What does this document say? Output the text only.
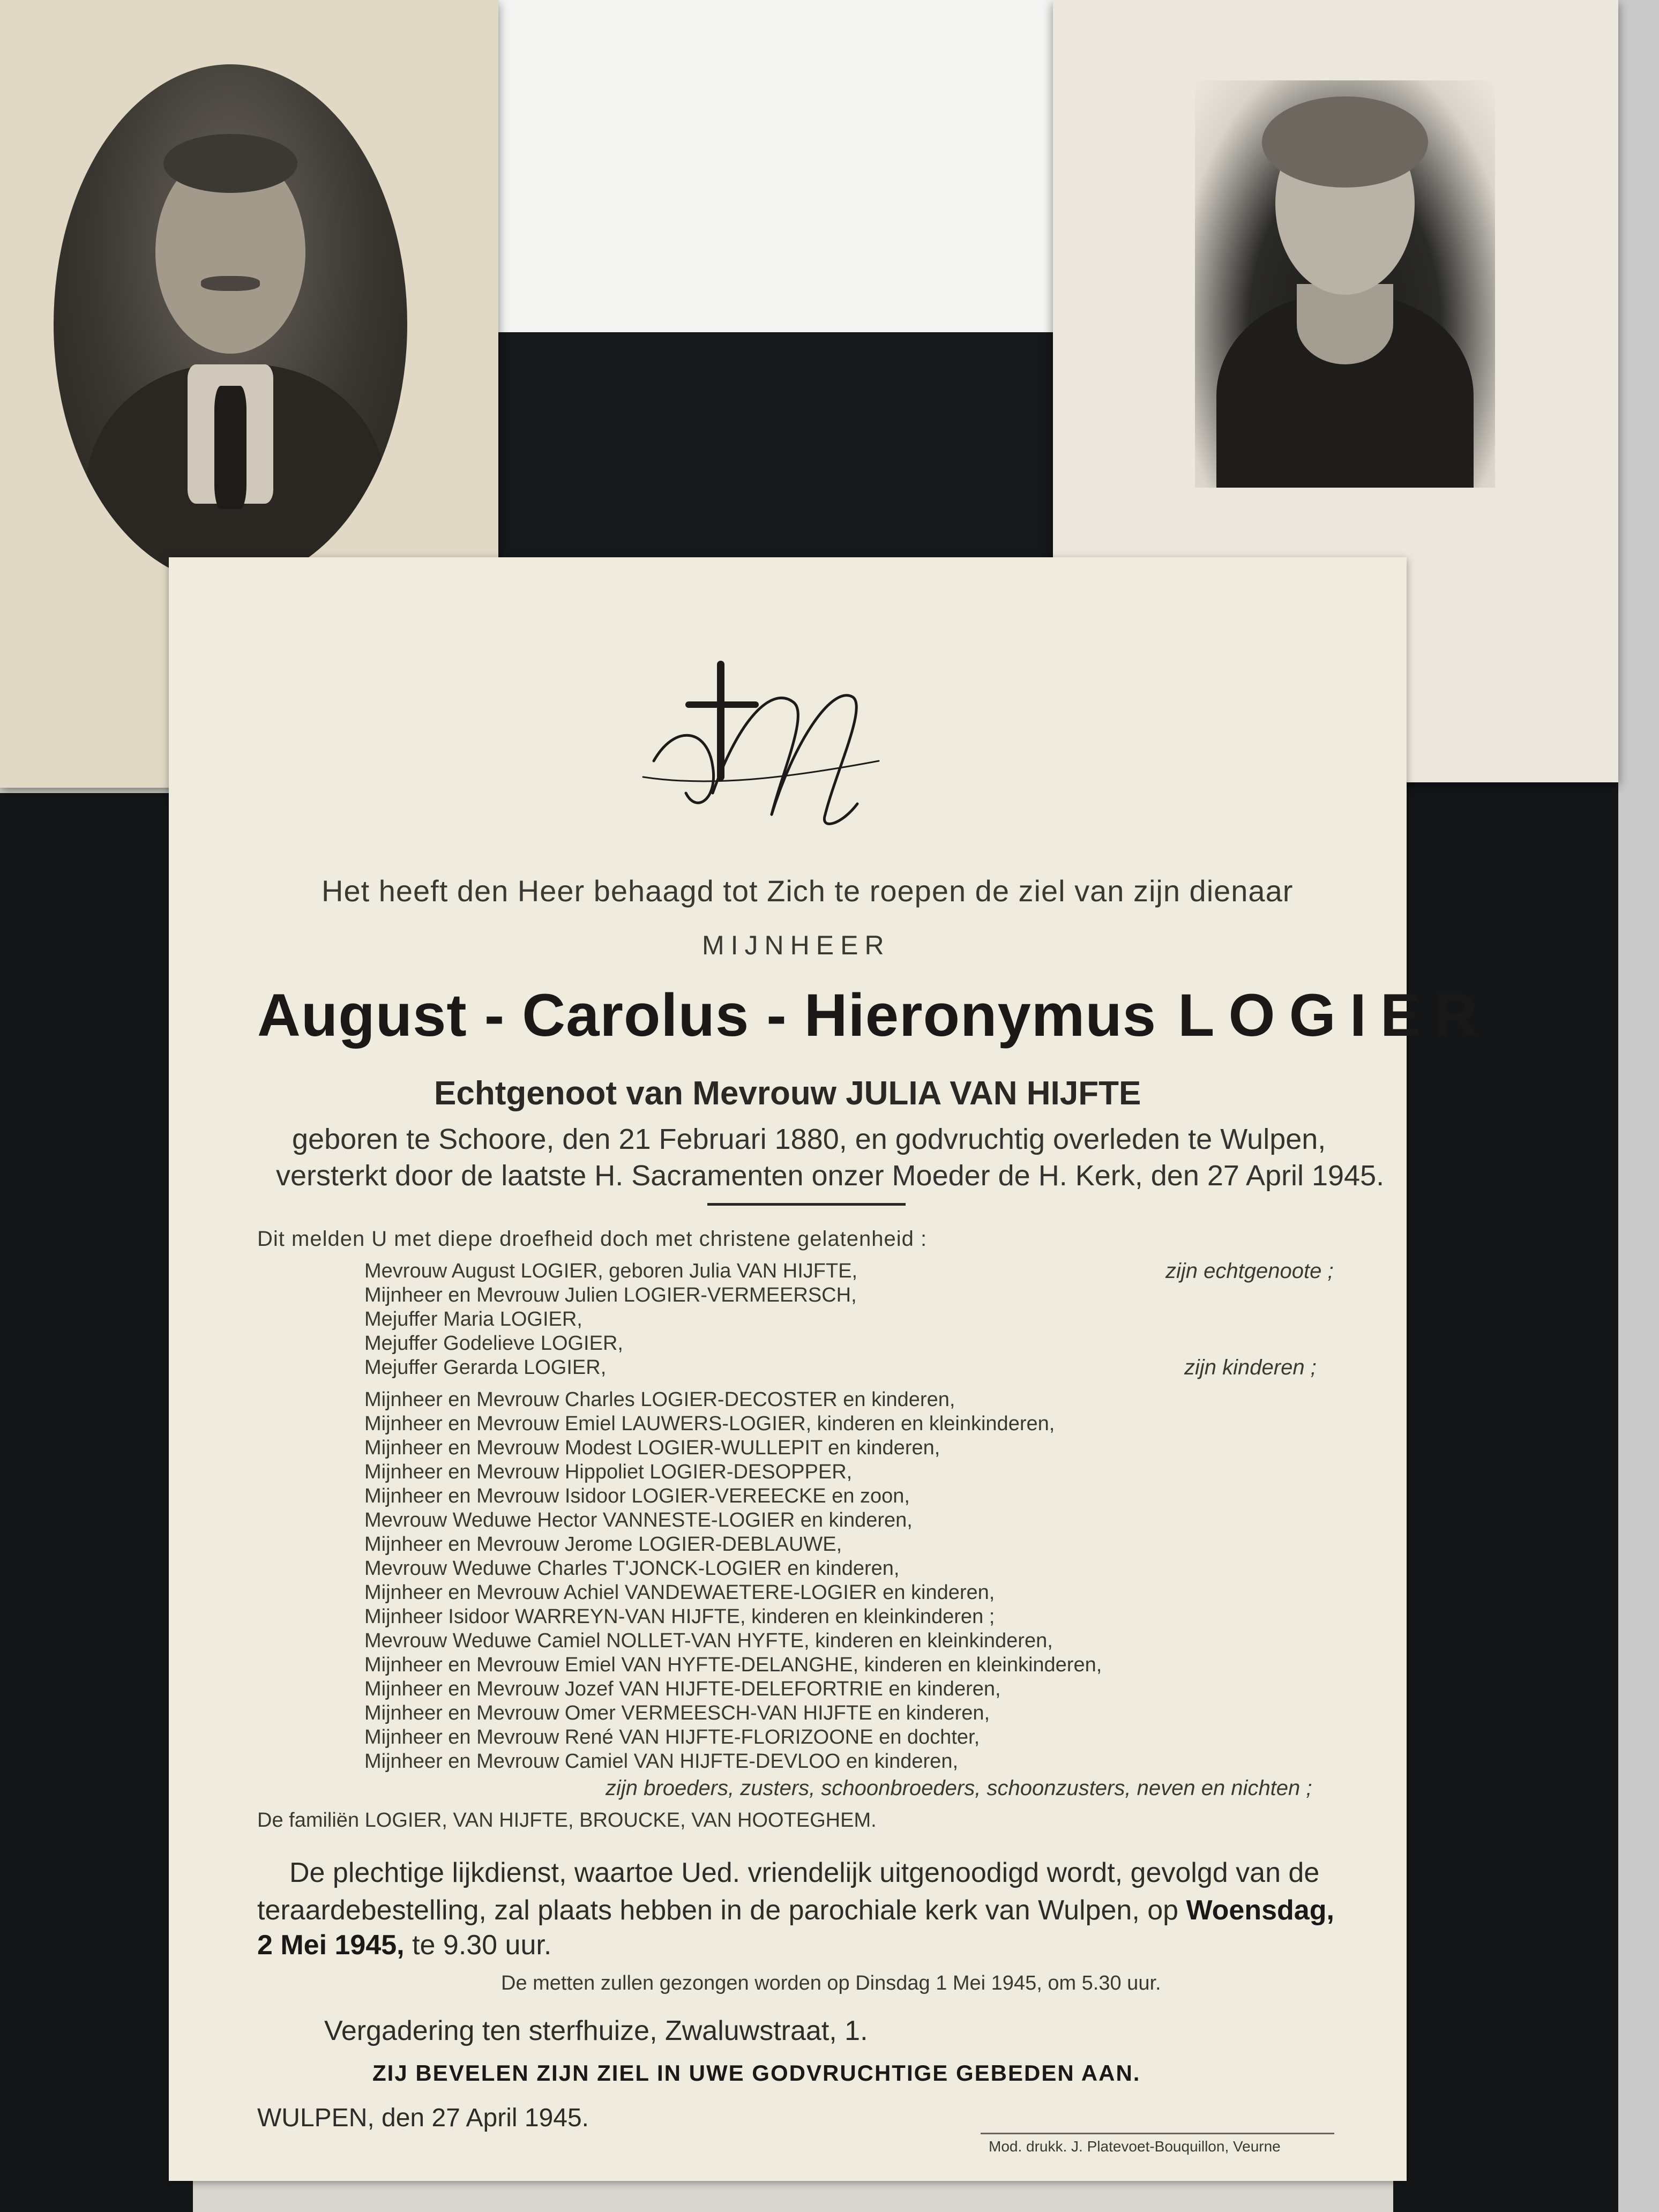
Het heeft den Heer behaagd tot Zich te roepen de ziel van zijn dienaar
MIJNHEER
August - Carolus - Hieronymus LOGIER
Echtgenoot van Mevrouw JULIA VAN HIJFTE
geboren te Schoore, den 21 Februari 1880, en godvruchtig overleden te Wulpen,
versterkt door de laatste H. Sacramenten onzer Moeder de H. Kerk, den 27 April 1945.
Dit melden U met diepe droefheid doch met christene gelatenheid :
Mevrouw August LOGIER, geboren Julia VAN HIJFTE,	zijn echtgenoote ;
Mijnheer en Mevrouw Julien LOGIER-VERMEERSCH,
Mejuffer Maria LOGIER,
Mejuffer Godelieve LOGIER,
Mejuffer Gerarda LOGIER,	zijn kinderen ;
Mijnheer en Mevrouw Charles LOGIER-DECOSTER en kinderen,
Mijnheer en Mevrouw Emiel LAUWERS-LOGIER, kinderen en kleinkinderen,
Mijnheer en Mevrouw Modest LOGIER-WULLEPIT en kinderen,
Mijnheer en Mevrouw Hippoliet LOGIER-DESOPPER,
Mijnheer en Mevrouw Isidoor LOGIER-VEREECKE en zoon,
Mevrouw Weduwe Hector VANNESTE-LOGIER en kinderen,
Mijnheer en Mevrouw Jerome LOGIER-DEBLAUWE,
Mevrouw Weduwe Charles T'JONCK-LOGIER en kinderen,
Mijnheer en Mevrouw Achiel VANDEWAETERE-LOGIER en kinderen,
Mijnheer Isidoor WARREYN-VAN HIJFTE, kinderen en kleinkinderen ;
Mevrouw Weduwe Camiel NOLLET-VAN HYFTE, kinderen en kleinkinderen,
Mijnheer en Mevrouw Emiel VAN HYFTE-DELANGHE, kinderen en kleinkinderen,
Mijnheer en Mevrouw Jozef VAN HIJFTE-DELEFORTRIE en kinderen,
Mijnheer en Mevrouw Omer VERMEESCH-VAN HIJFTE en kinderen,
Mijnheer en Mevrouw René VAN HIJFTE-FLORIZOONE en dochter,
Mijnheer en Mevrouw Camiel VAN HIJFTE-DEVLOO en kinderen,
zijn broeders, zusters, schoonbroeders, schoonzusters, neven en nichten ;
De familiën LOGIER, VAN HIJFTE, BROUCKE, VAN HOOTEGHEM.
De plechtige lijkdienst, waartoe Ued. vriendelijk uitgenoodigd wordt, gevolgd van de
teraardebestelling, zal plaats hebben in de parochiale kerk van Wulpen, op Woensdag,
2 Mei 1945, te 9.30 uur.
De metten zullen gezongen worden op Dinsdag 1 Mei 1945, om 5.30 uur.
Vergadering ten sterfhuize, Zwaluwstraat, 1.
ZIJ BEVELEN ZIJN ZIEL IN UWE GODVRUCHTIGE GEBEDEN AAN.
WULPEN, den 27 April 1945.
Mod. drukk. J. Platevoet-Bouquillon, Veurne
